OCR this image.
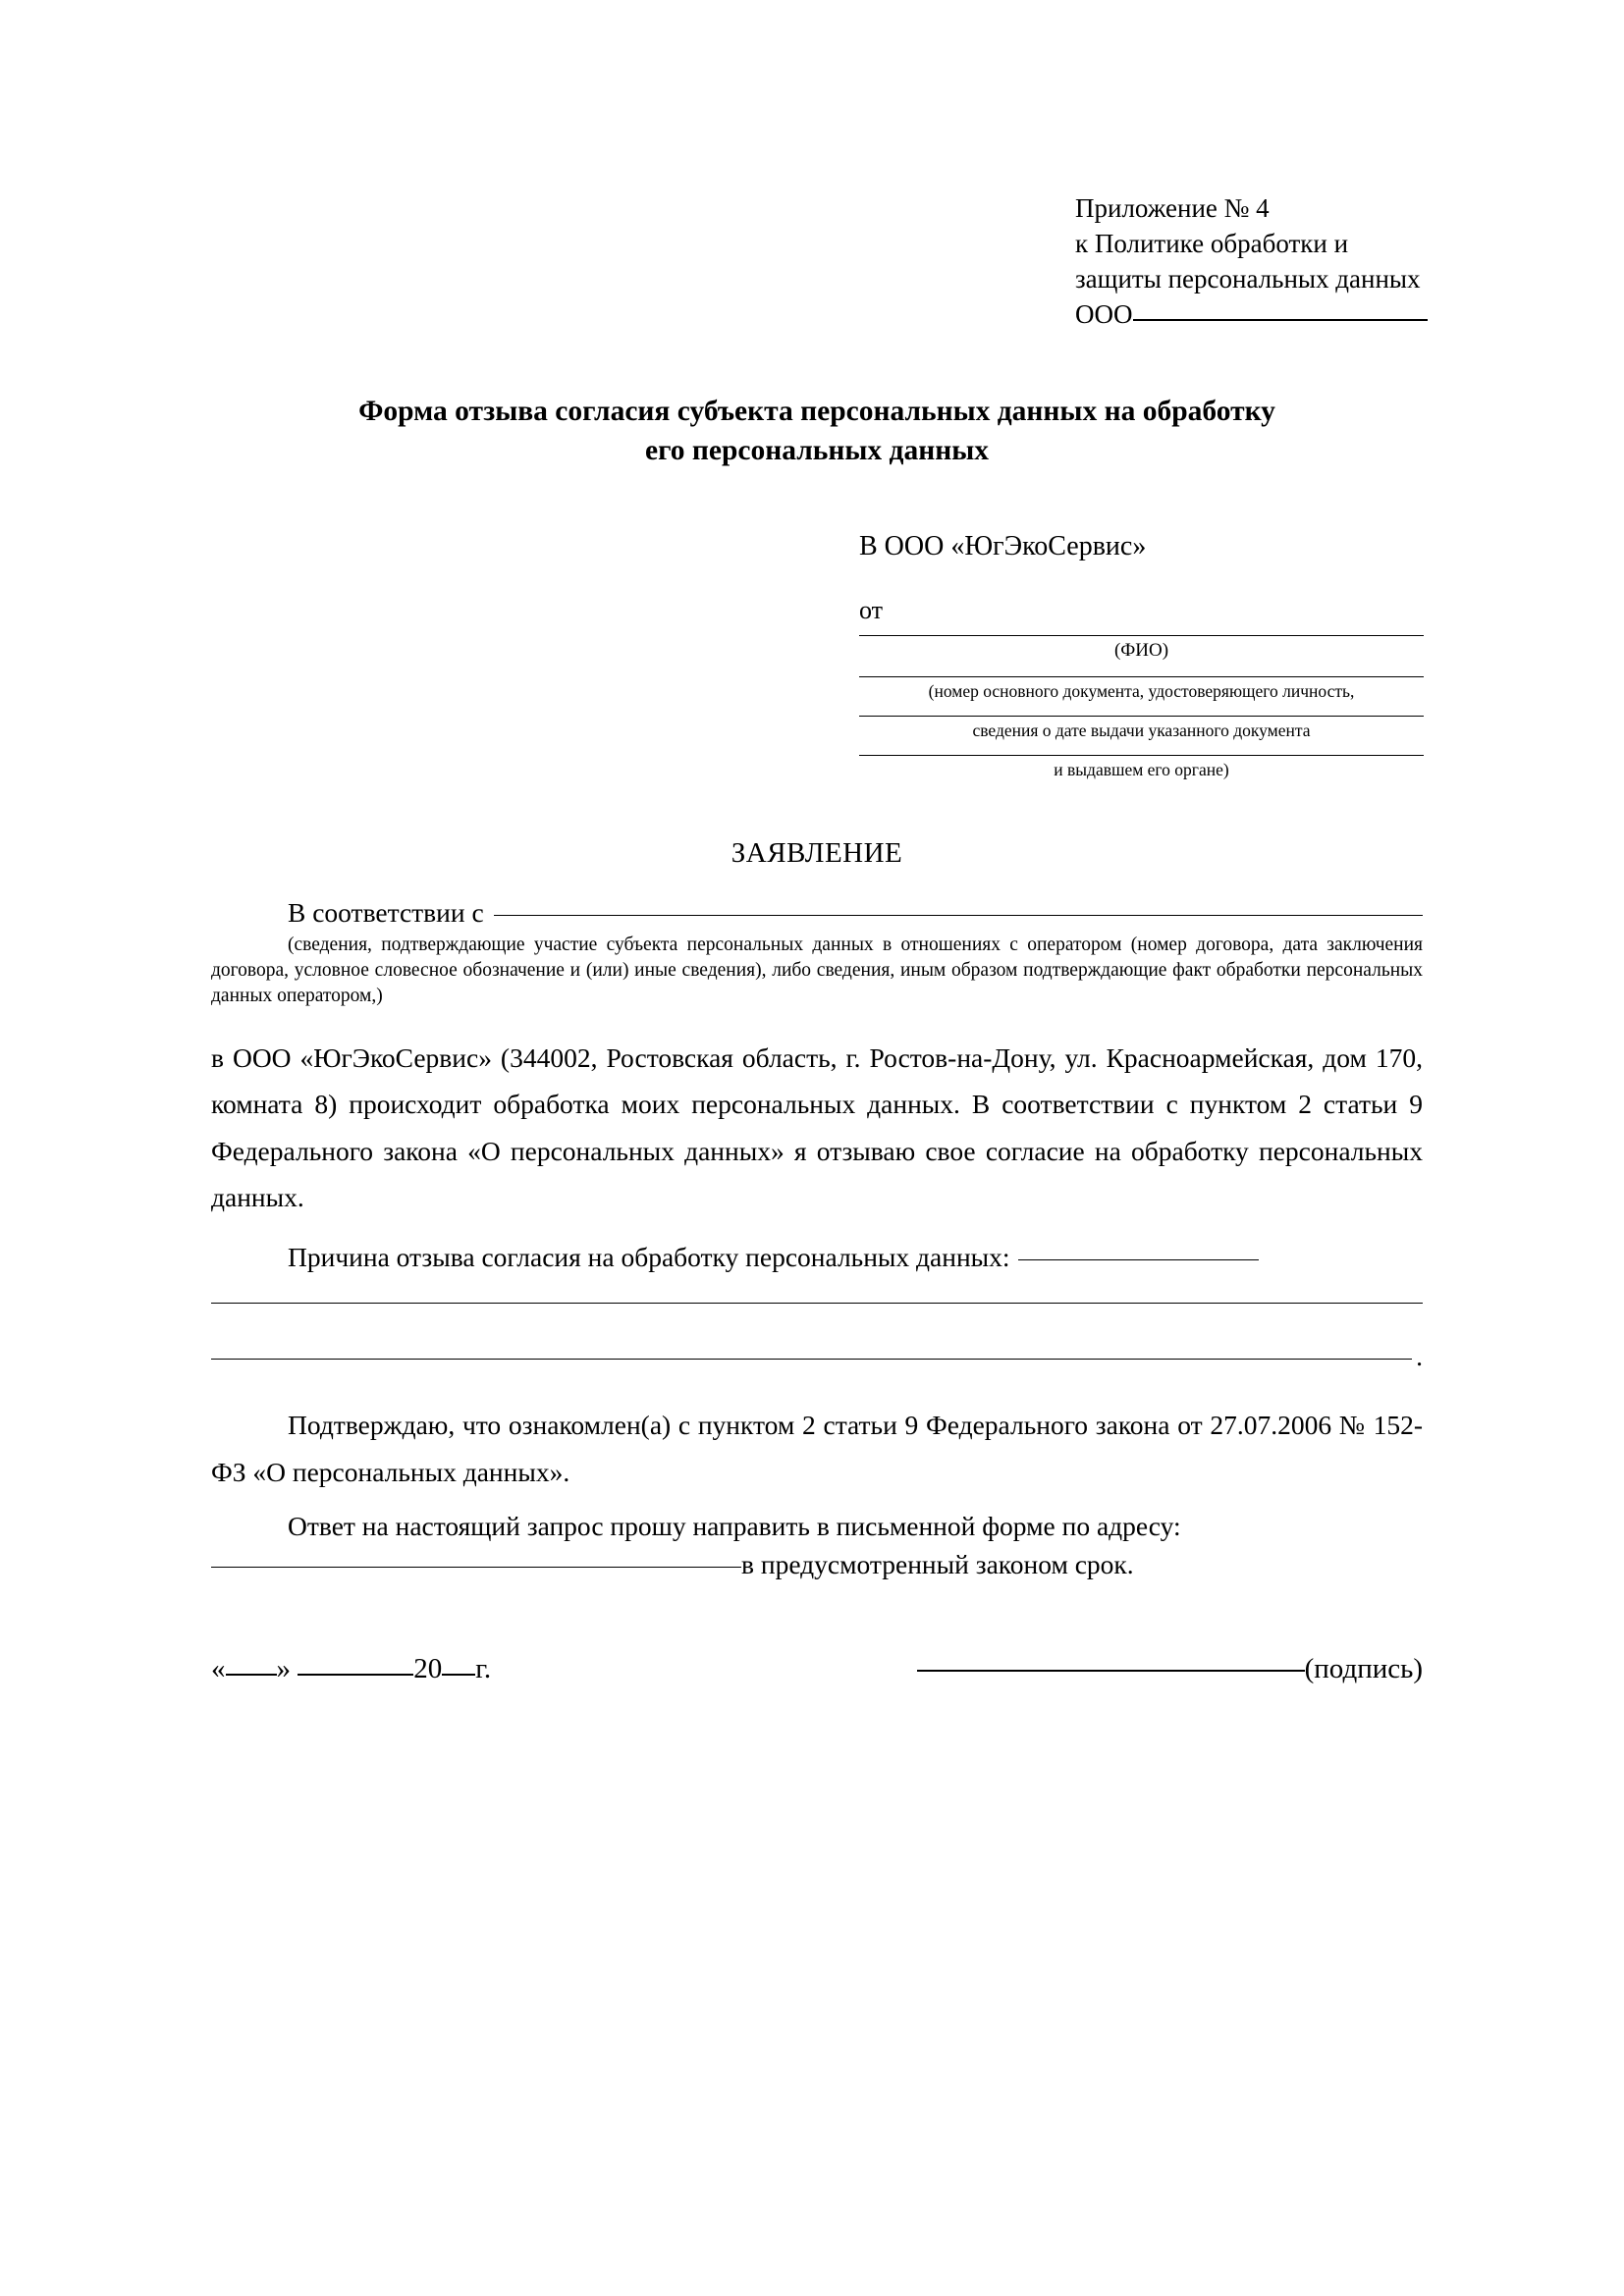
Приложение № 4
к Политике обработки и
защиты персональных данных
ООО
Форма отзыва согласия субъекта персональных данных на обработку
его персональных данных
В ООО «ЮгЭкоСервис»
от
(ФИО)
(номер основного документа, удостоверяющего личность,
сведения о дате выдачи указанного документа
и выдавшем его органе)
ЗАЯВЛЕНИЕ
В соответствии с
(сведения, подтверждающие участие субъекта персональных данных в отношениях с оператором (номер договора, дата заключения договора, условное словесное обозначение и (или) иные сведения), либо сведения, иным образом подтверждающие факт обработки персональных данных оператором,)

в ООО «ЮгЭкоСервис» (344002, Ростовская область, г. Ростов-на-Дону, ул. Красноармейская, дом 170, комната 8) происходит обработка моих персональных данных. В соответствии с пунктом 2 статьи 9 Федерального закона «О персональных данных» я отзываю свое согласие на обработку персональных данных.

Причина отзыва согласия на обработку персональных данных:
.

Подтверждаю, что ознакомлен(а) с пунктом 2 статьи 9 Федерального закона от 27.07.2006 № 152-ФЗ «О персональных данных».

Ответ на настоящий запрос прошу направить в письменной форме по адресу:

в предусмотренный законом срок.
« »	20 г.	(подпись)
